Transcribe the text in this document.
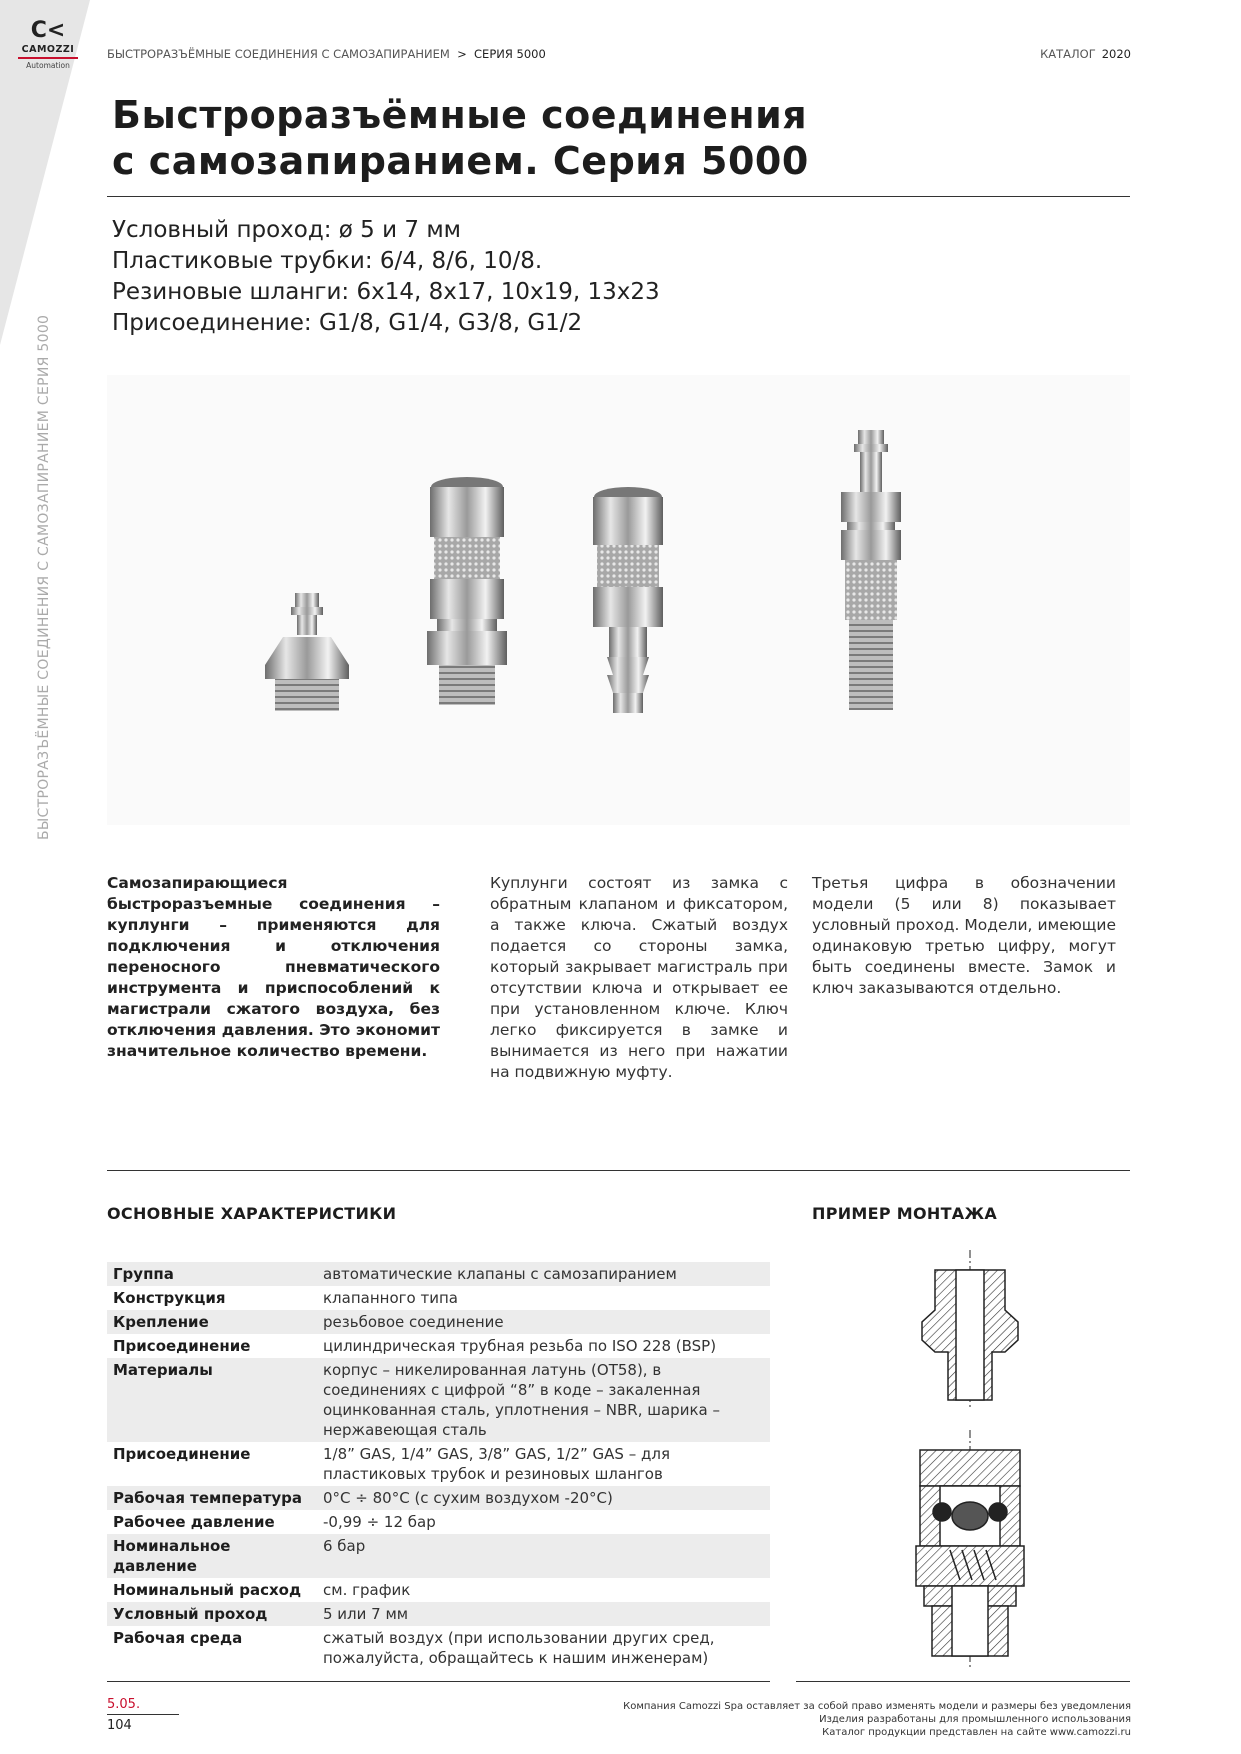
C<
CAMOZZI
Automation
БЫСТРОРАЗЪЁМНЫЕ СОЕДИНЕНИЯ С САМОЗАПИРАНИЕМ > СЕРИЯ 5000	КАТАЛОГ 2020
Быстроразъёмные соединения
с самозапиранием. Серия 5000
Условный проход: ø 5 и 7 мм
Пластиковые трубки: 6/4, 8/6, 10/8.
Резиновые шланги: 6x14, 8x17, 10x19, 13x23
Присоединение: G1/8, G1/4, G3/8, G1/2
БЫСТРОРАЗЪЁМНЫЕ СОЕДИНЕНИЯ С САМОЗАПИРАНИЕМ СЕРИЯ 5000
Самозапирающиеся быстроразъемные соединения – куплунги – применяются для подключения и отключения переносного пневматического инструмента и приспособлений к магистрали сжатого воздуха, без отключения давления. Это экономит значительное количество времени.
Куплунги состоят из замка с обратным клапаном и фиксатором, а также ключа. Сжатый воздух подается со стороны замка, который закрывает магистраль при отсутствии ключа и открывает ее при установленном ключе. Ключ легко фиксируется в замке и вынимается из него при нажатии на подвижную муфту.
Третья цифра в обозначении модели (5 или 8) показывает условный проход. Модели, имеющие одинаковую третью цифру, могут быть соединены вместе. Замок и ключ заказываются отдельно.
ОСНОВНЫЕ ХАРАКТЕРИСТИКИ	ПРИМЕР МОНТАЖА
Группа	автоматические клапаны с самозапиранием
Конструкция	клапанного типа
Крепление	резьбовое соединение
Присоединение	цилиндрическая трубная резьба по ISO 228 (BSP)
Материалы	корпус – никелированная латунь (OT58), в соединениях с цифрой “8” в коде – закаленная оцинкованная сталь, уплотнения – NBR, шарика – нержавеющая сталь
Присоединение	1/8” GAS, 1/4” GAS, 3/8” GAS, 1/2” GAS – для пластиковых трубок и резиновых шлангов
Рабочая температура	0°C ÷ 80°C (с сухим воздухом -20°C)
Рабочее давление	-0,99 ÷ 12 бар
Номинальное давление	6 бар
Номинальный расход	см. график
Условный проход	5 или 7 мм
Рабочая среда	сжатый воздух (при использовании других сред, пожалуйста, обращайтесь к нашим инженерам)
5.05.
104
Компания Camozzi Spa оставляет за собой право изменять модели и размеры без уведомления
Изделия разработаны для промышленного использования
Каталог продукции представлен на сайте www.camozzi.ru
